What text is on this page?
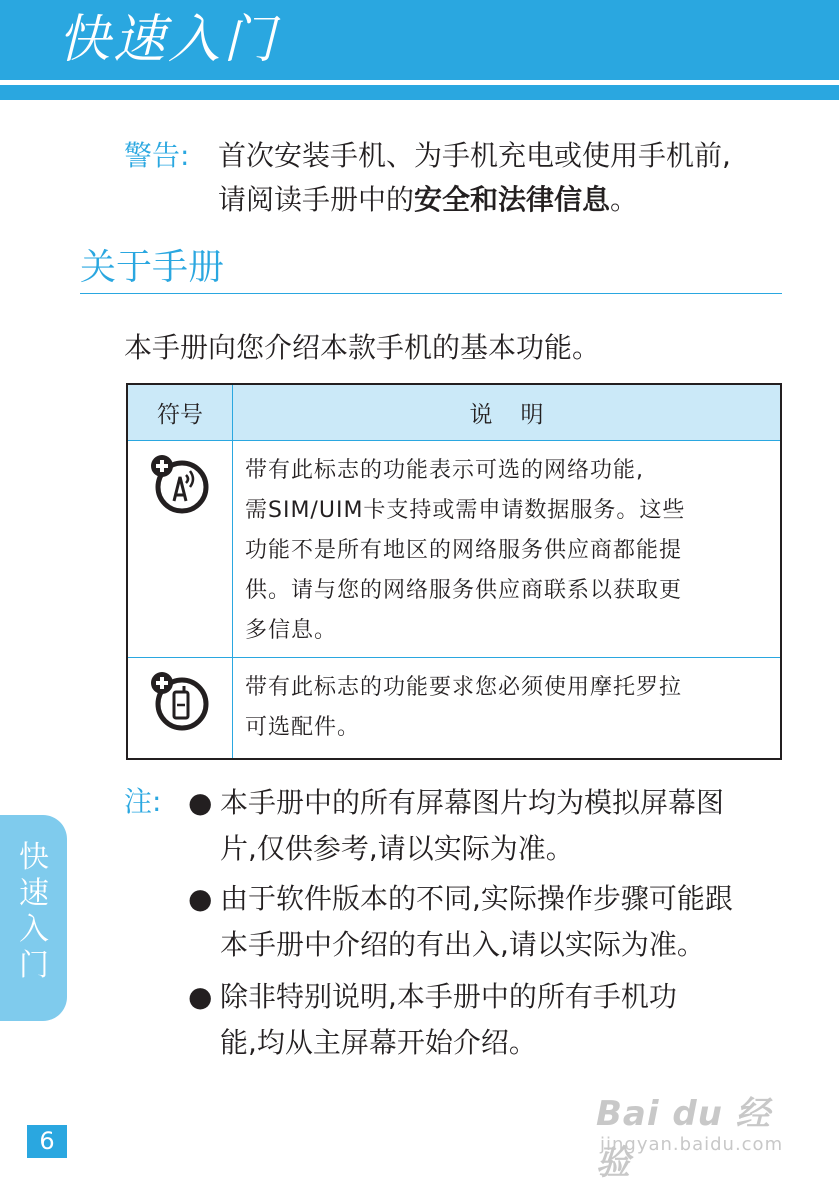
快速入门
警告: 首次安装手机、为手机充电或使用手机前,
请阅读手册中的安全和法律信息。
关于手册
本手册向您介绍本款手机的基本功能。
符号	说明

带有此标志的功能表示可选的网络功能,
需SIM/UIM卡支持或需申请数据服务。这些
功能不是所有地区的网络服务供应商都能提
供。请与您的网络服务供应商联系以获取更
多信息。

带有此标志的功能要求您必须使用摩托罗拉
可选配件。
注: ● 本手册中的所有屏幕图片均为模拟屏幕图
片,仅供参考,请以实际为准。
● 由于软件版本的不同,实际操作步骤可能跟
本手册中介绍的有出入,请以实际为准。
● 除非特别说明,本手册中的所有手机功
能,均从主屏幕开始介绍。
快
速
入
门
6
Bai du 经验
jingyan.baidu.com
